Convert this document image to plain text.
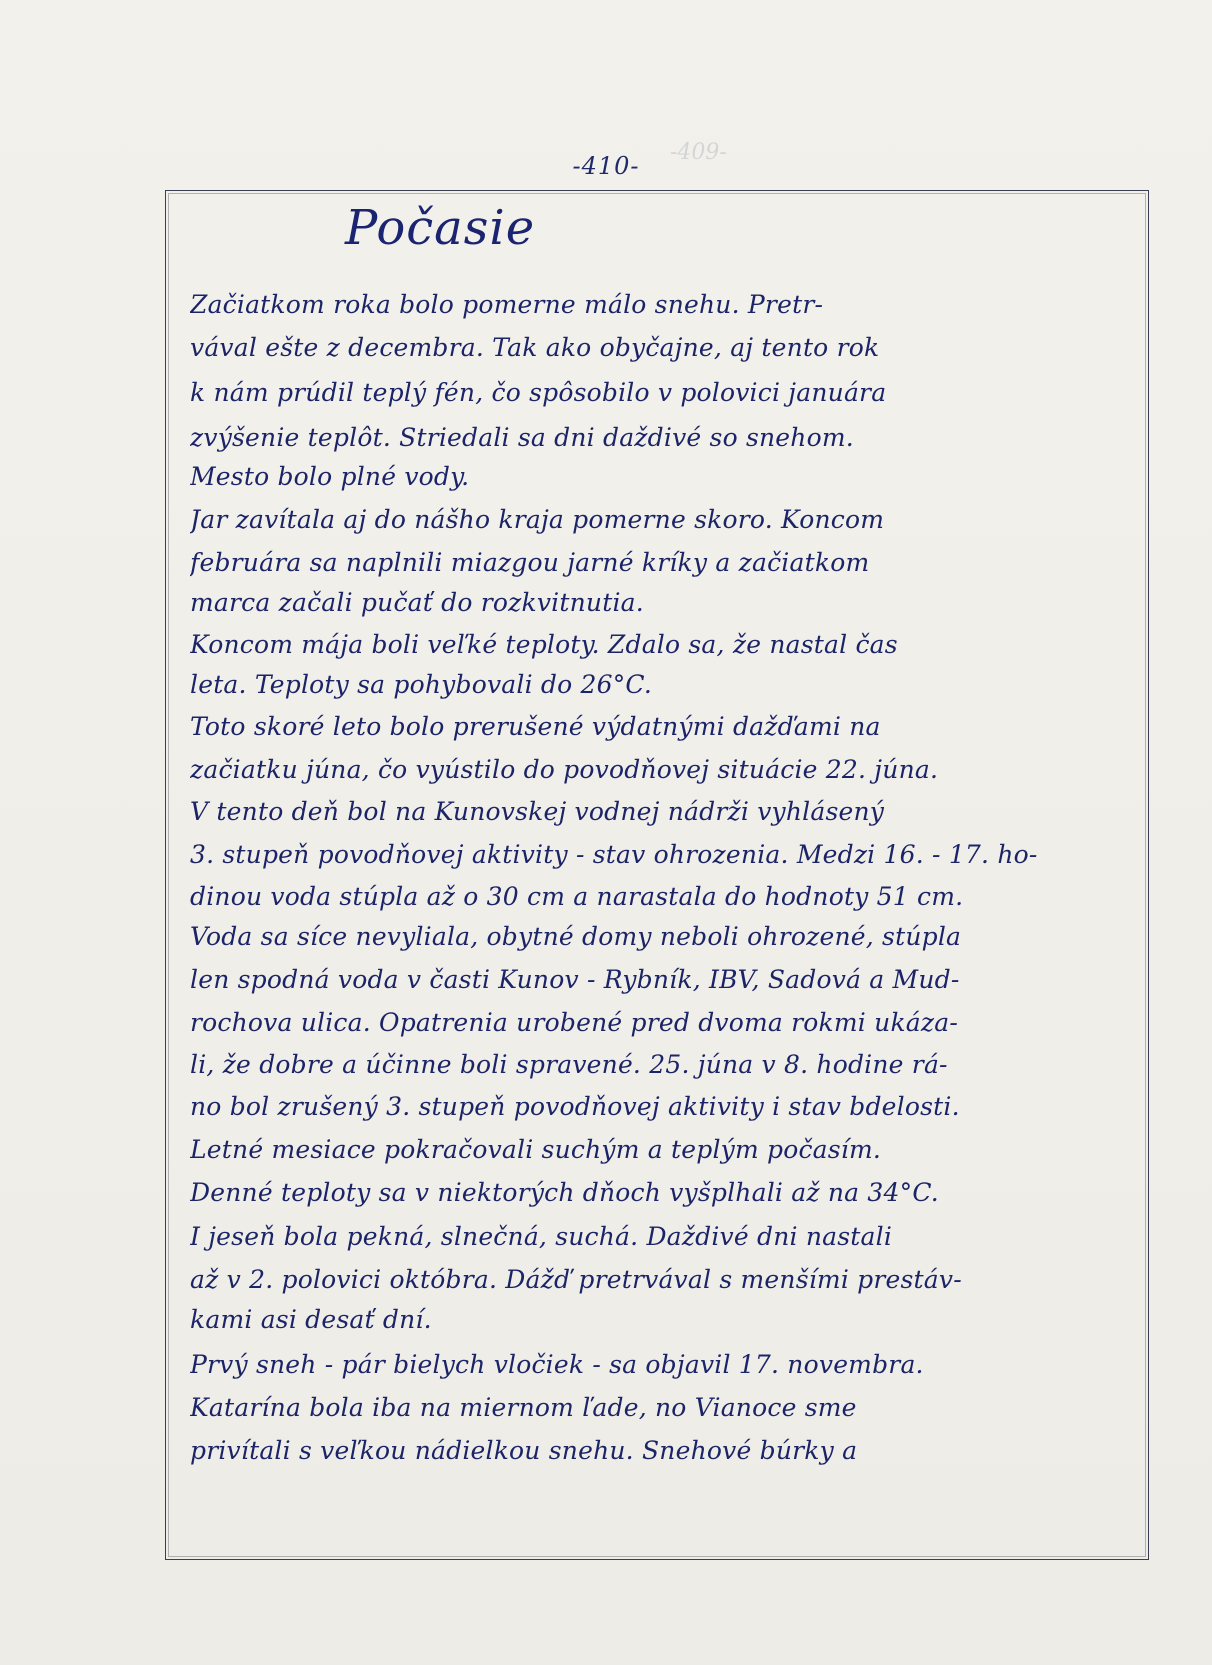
-409-
-410-
Počasie
Začiatkom roka bolo pomerne málo snehu. Pretr-
vával ešte z decembra. Tak ako obyčajne, aj tento rok
k nám prúdil teplý fén, čo spôsobilo v polovici januára
zvýšenie teplôt. Striedali sa dni daždivé so snehom.
Mesto bolo plné vody.
Jar zavítala aj do nášho kraja pomerne skoro. Koncom
februára sa naplnili miazgou jarné kríky a začiatkom
marca začali pučať do rozkvitnutia.
Koncom mája boli veľké teploty. Zdalo sa, že nastal čas
leta. Teploty sa pohybovali do 26°C.
Toto skoré leto bolo prerušené výdatnými dažďami na
začiatku júna, čo vyústilo do povodňovej situácie 22. júna.
V tento deň bol na Kunovskej vodnej nádrži vyhlásený
3. stupeň povodňovej aktivity - stav ohrozenia. Medzi 16. - 17. ho-
dinou voda stúpla až o 30 cm a narastala do hodnoty 51 cm.
Voda sa síce nevyliala, obytné domy neboli ohrozené, stúpla
len spodná voda v časti Kunov - Rybník, IBV, Sadová a Mud-
rochova ulica. Opatrenia urobené pred dvoma rokmi ukáza-
li, že dobre a účinne boli spravené. 25. júna v 8. hodine rá-
no bol zrušený 3. stupeň povodňovej aktivity i stav bdelosti.
Letné mesiace pokračovali suchým a teplým počasím.
Denné teploty sa v niektorých dňoch vyšplhali až na 34°C.
I jeseň bola pekná, slnečná, suchá. Daždivé dni nastali
až v 2. polovici októbra. Dážď pretrvával s menšími prestáv-
kami asi desať dní.
Prvý sneh - pár bielych vločiek - sa objavil 17. novembra.
Katarína bola iba na miernom ľade, no Vianoce sme
privítali s veľkou nádielkou snehu. Snehové búrky a
